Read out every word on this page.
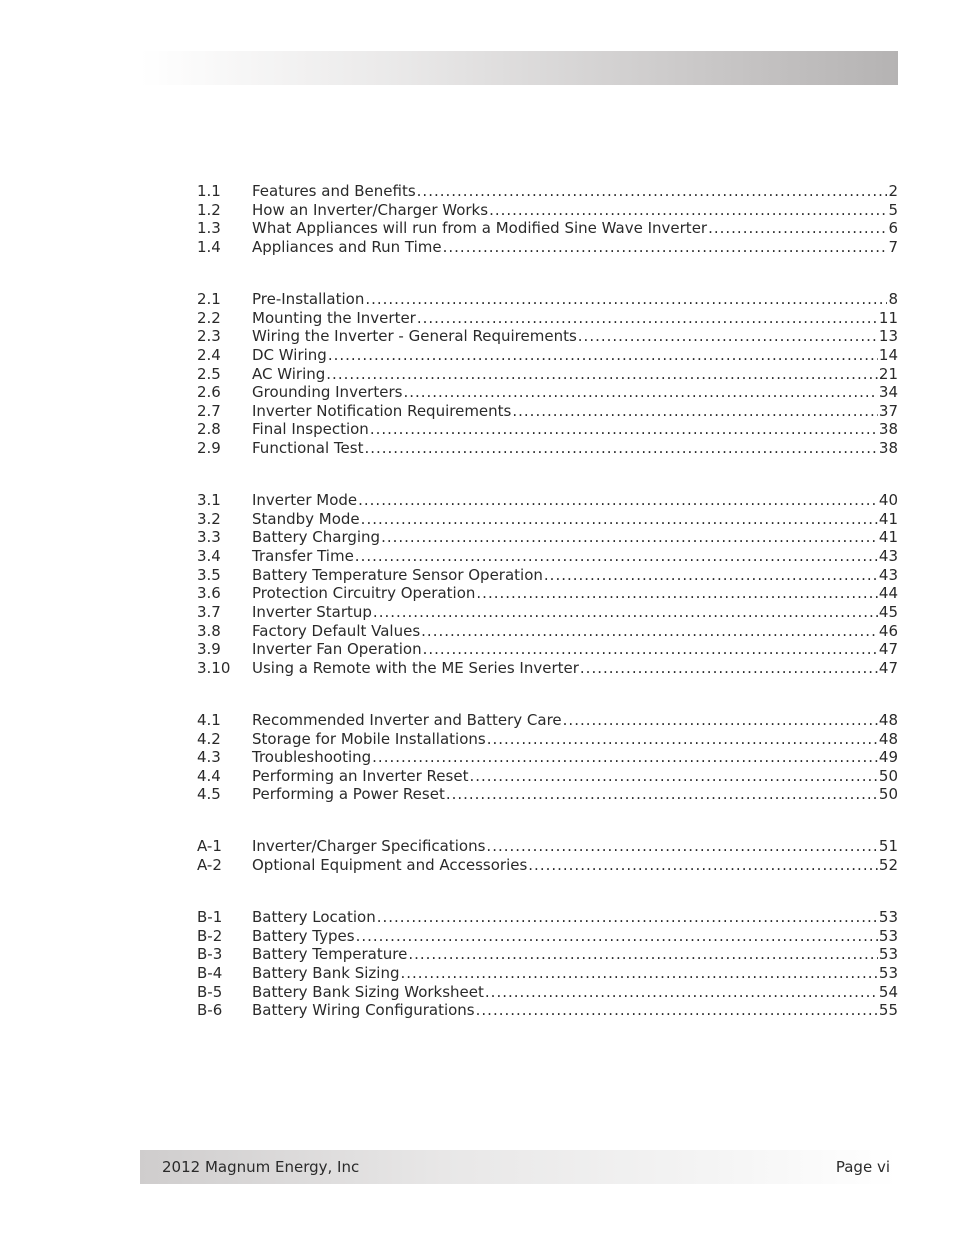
1.1	Features and Benefits .....	2
1.2	How an Inverter/Charger Works .....	5
1.3	What Appliances will run from a Modified Sine Wave Inverter .....	6
1.4	Appliances and Run Time .....	7
2.1	Pre-Installation .....	8
2.2	Mounting the Inverter .....	11
2.3	Wiring the Inverter - General Requirements .....	13
2.4	DC Wiring .....	14
2.5	AC Wiring .....	21
2.6	Grounding Inverters .....	34
2.7	Inverter Notification Requirements .....	37
2.8	Final Inspection .....	38
2.9	Functional Test .....	38
3.1	Inverter Mode .....	40
3.2	Standby Mode .....	41
3.3	Battery Charging .....	41
3.4	Transfer Time .....	43
3.5	Battery Temperature Sensor Operation .....	43
3.6	Protection Circuitry Operation .....	44
3.7	Inverter Startup .....	45
3.8	Factory Default Values .....	46
3.9	Inverter Fan Operation .....	47
3.10	Using a Remote with the ME Series Inverter .....	47
4.1	Recommended Inverter and Battery Care .....	48
4.2	Storage for Mobile Installations .....	48
4.3	Troubleshooting .....	49
4.4	Performing an Inverter Reset .....	50
4.5	Performing a Power Reset .....	50
A-1	Inverter/Charger Specifications .....	51
A-2	Optional Equipment and Accessories .....	52
B-1	Battery Location .....	53
B-2	Battery Types .....	53
B-3	Battery Temperature .....	53
B-4	Battery Bank Sizing .....	53
B-5	Battery Bank Sizing Worksheet .....	54
B-6	Battery Wiring Configurations .....	55
2012 Magnum Energy, Inc	Page vi
